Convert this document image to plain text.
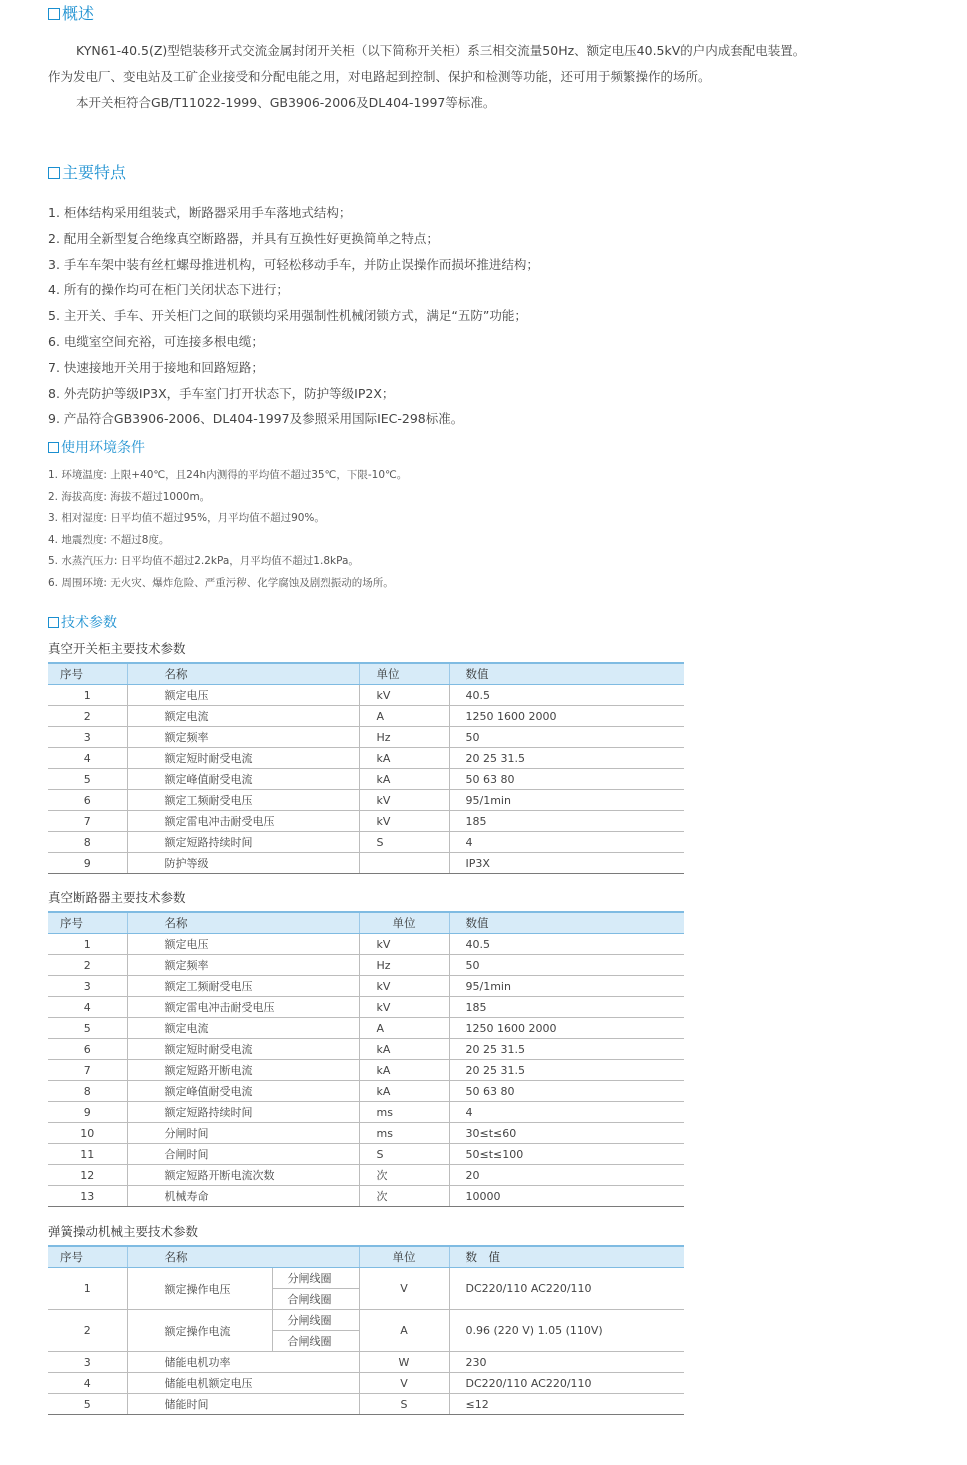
概述

KYN61-40.5(Z)型铠装移开式交流金属封闭开关柜（以下简称开关柜）系三相交流量50Hz、额定电压40.5kV的户内成套配电装置。

作为发电厂、变电站及工矿企业接受和分配电能之用，对电路起到控制、保护和检测等功能，还可用于频繁操作的场所。

本开关柜符合GB/T11022-1999、GB3906-2006及DL404-1997等标准。

主要特点
1. 柜体结构采用组装式，断路器采用手车落地式结构；
2. 配用全新型复合绝缘真空断路器，并具有互换性好更换简单之特点；
3. 手车车架中装有丝杠螺母推进机构，可轻松移动手车，并防止误操作而损坏推进结构；
4. 所有的操作均可在柜门关闭状态下进行；
5. 主开关、手车、开关柜门之间的联锁均采用强制性机械闭锁方式，满足“五防”功能；
6. 电缆室空间充裕，可连接多根电缆；
7. 快速接地开关用于接地和回路短路；
8. 外壳防护等级IP3X，手车室门打开状态下，防护等级IP2X；
9. 产品符合GB3906-2006、DL404-1997及参照采用国际IEC-298标准。
使用环境条件
1. 环境温度: 上限+40℃，且24h内测得的平均值不超过35℃，下限-10℃。
2. 海拔高度: 海拔不超过1000m。
3. 相对湿度: 日平均值不超过95%，月平均值不超过90%。
4. 地震烈度: 不超过8度。
5. 水蒸汽压力: 日平均值不超过2.2kPa，月平均值不超过1.8kPa。
6. 周围环境: 无火灾、爆炸危险、严重污秽、化学腐蚀及剧烈振动的场所。
技术参数
真空开关柜主要技术参数
序号	名称	单位	数值
1	额定电压	kV	40.5
2	额定电流	A	1250 1600 2000
3	额定频率	Hz	50
4	额定短时耐受电流	kA	20 25 31.5
5	额定峰值耐受电流	kA	50 63 80
6	额定工频耐受电压	kV	95/1min
7	额定雷电冲击耐受电压	kV	185
8	额定短路持续时间	S	4
9	防护等级		IP3X
真空断路器主要技术参数
序号	名称	单位	数值
1	额定电压	kV	40.5
2	额定频率	Hz	50
3	额定工频耐受电压	kV	95/1min
4	额定雷电冲击耐受电压	kV	185
5	额定电流	A	1250 1600 2000
6	额定短时耐受电流	kA	20 25 31.5
7	额定短路开断电流	kA	20 25 31.5
8	额定峰值耐受电流	kA	50 63 80
9	额定短路持续时间	ms	4
10	分闸时间	ms	30≤t≤60
11	合闸时间	S	50≤t≤100
12	额定短路开断电流次数	次	20
13	机械寿命	次	10000
弹簧操动机械主要技术参数
序号	名称		单位	数　值
1	额定操作电压	分闸线圈	V	DC220/110 AC220/110
		合闸线圈		
2	额定操作电流	分闸线圈	A	0.96 (220 V) 1.05 (110V)
		合闸线圈		
3	储能电机功率		W	230
4	储能电机额定电压		V	DC220/110 AC220/110
5	储能时间		S	≤12
